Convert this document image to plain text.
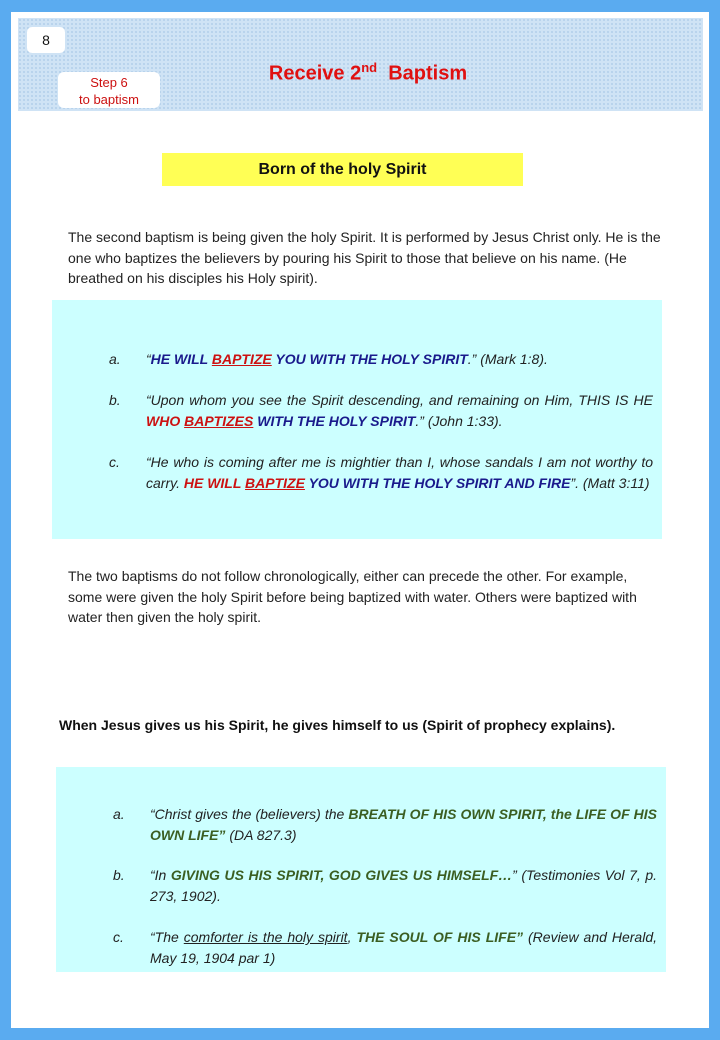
8
Step 6
to baptism
Receive 2nd Baptism
Born of the holy Spirit
The second baptism is being given the holy Spirit. It is performed by Jesus Christ only. He is the one who baptizes the believers by pouring his Spirit to those that believe on his name. (He breathed on his disciples his Holy spirit).
a. “HE WILL BAPTIZE YOU WITH THE HOLY SPIRIT.” (Mark 1:8).
b. “Upon whom you see the Spirit descending, and remaining on Him, THIS IS HE WHO BAPTIZES WITH THE HOLY SPIRIT.” (John 1:33).
c. “He who is coming after me is mightier than I, whose sandals I am not worthy to carry. HE WILL BAPTIZE YOU WITH THE HOLY SPIRIT AND FIRE”. (Matt 3:11)
The two baptisms do not follow chronologically, either can precede the other. For example, some were given the holy Spirit before being baptized with water. Others were baptized with water then given the holy spirit.
When Jesus gives us his Spirit, he gives himself to us (Spirit of prophecy explains).
a. “Christ gives the (believers) the BREATH OF HIS OWN SPIRIT, the LIFE OF HIS OWN LIFE” (DA 827.3)
b. “In GIVING US HIS SPIRIT, GOD GIVES US HIMSELF…” (Testimonies Vol 7, p. 273, 1902).
c. “The comforter is the holy spirit, THE SOUL OF HIS LIFE” (Review and Herald, May 19, 1904 par 1)
